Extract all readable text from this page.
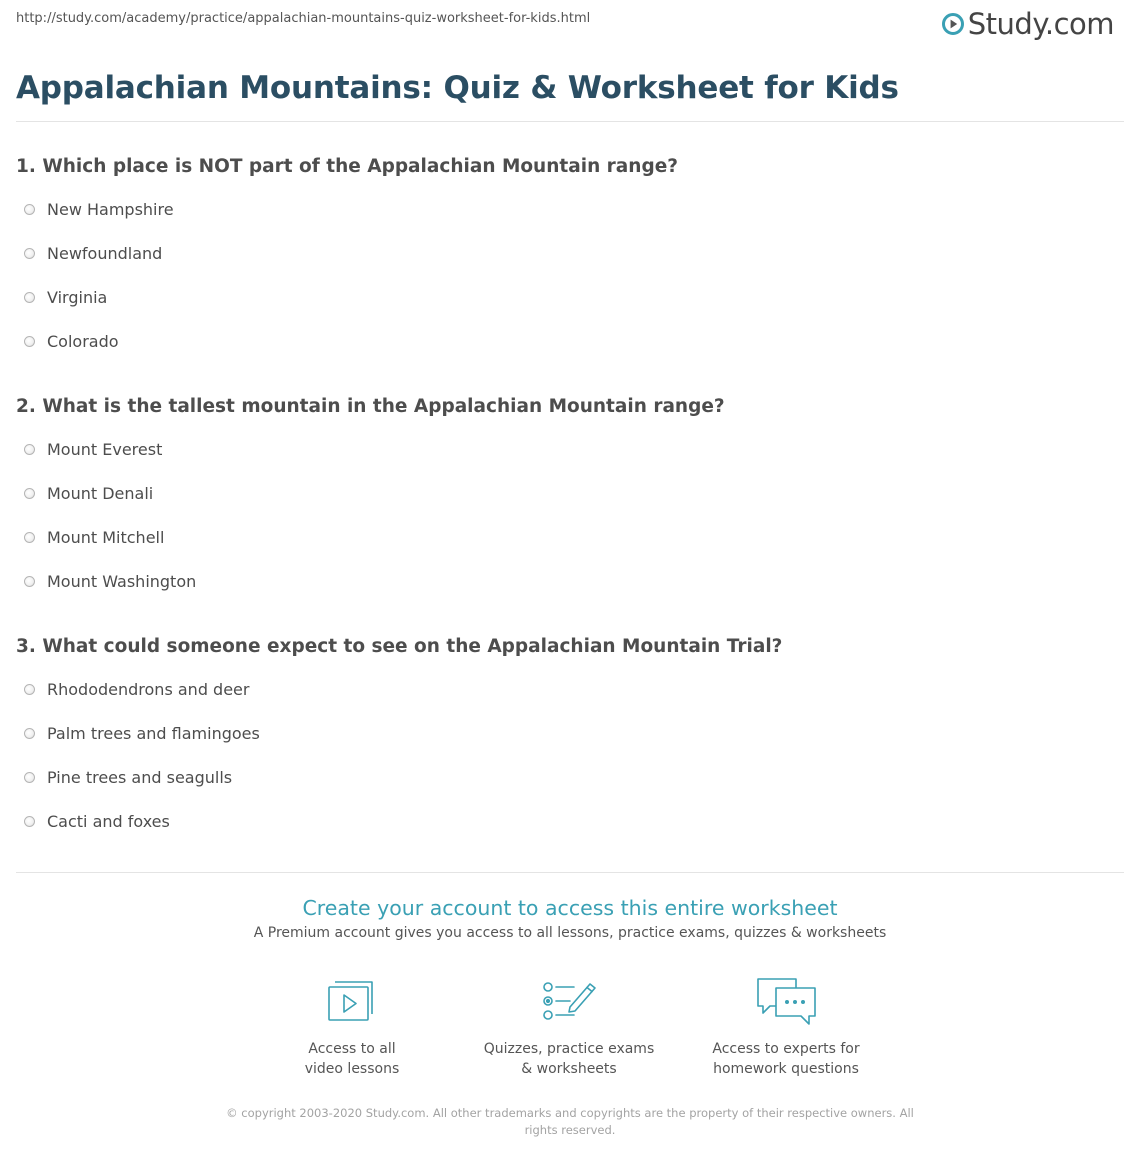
http://study.com/academy/practice/appalachian-mountains-quiz-worksheet-for-kids.html	Study.com
Appalachian Mountains: Quiz & Worksheet for Kids
1. Which place is NOT part of the Appalachian Mountain range?
New Hampshire
Newfoundland
Virginia
Colorado
2. What is the tallest mountain in the Appalachian Mountain range?
Mount Everest
Mount Denali
Mount Mitchell
Mount Washington
3. What could someone expect to see on the Appalachian Mountain Trial?
Rhododendrons and deer
Palm trees and flamingoes
Pine trees and seagulls
Cacti and foxes
Create your account to access this entire worksheet
A Premium account gives you access to all lessons, practice exams, quizzes & worksheets
Access to all
video lessons
Quizzes, practice exams
& worksheets
Access to experts for
homework questions
© copyright 2003-2020 Study.com. All other trademarks and copyrights are the property of their respective owners. All rights reserved.
